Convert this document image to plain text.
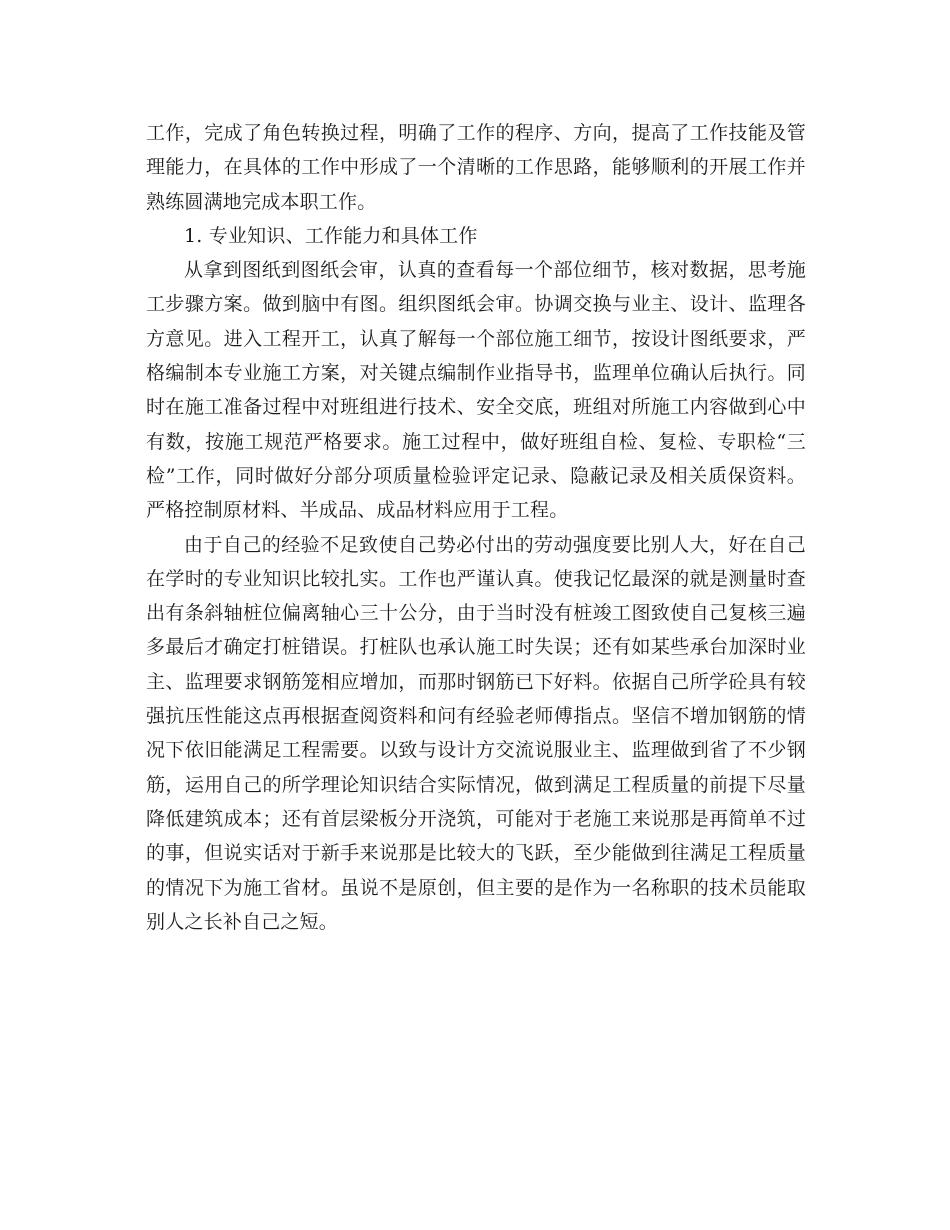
工作，完成了角色转换过程，明确了工作的程序、方向，提高了工作技能及管理能力，在具体的工作中形成了一个清晰的工作思路，能够顺利的开展工作并熟练圆满地完成本职工作。

1. 专业知识、工作能力和具体工作

从拿到图纸到图纸会审，认真的查看每一个部位细节，核对数据，思考施工步骤方案。做到脑中有图。组织图纸会审。协调交换与业主、设计、监理各方意见。进入工程开工，认真了解每一个部位施工细节，按设计图纸要求，严格编制本专业施工方案，对关键点编制作业指导书，监理单位确认后执行。同时在施工准备过程中对班组进行技术、安全交底，班组对所施工内容做到心中有数，按施工规范严格要求。施工过程中，做好班组自检、复检、专职检“三检”工作，同时做好分部分项质量检验评定记录、隐蔽记录及相关质保资料。严格控制原材料、半成品、成品材料应用于工程。

由于自己的经验不足致使自己势必付出的劳动强度要比别人大，好在自己在学时的专业知识比较扎实。工作也严谨认真。使我记忆最深的就是测量时查出有条斜轴桩位偏离轴心三十公分，由于当时没有桩竣工图致使自己复核三遍多最后才确定打桩错误。打桩队也承认施工时失误；还有如某些承台加深时业主、监理要求钢筋笼相应增加，而那时钢筋已下好料。依据自己所学砼具有较强抗压性能这点再根据查阅资料和问有经验老师傅指点。坚信不增加钢筋的情况下依旧能满足工程需要。以致与设计方交流说服业主、监理做到省了不少钢筋，运用自己的所学理论知识结合实际情况，做到满足工程质量的前提下尽量降低建筑成本；还有首层梁板分开浇筑，可能对于老施工来说那是再简单不过的事，但说实话对于新手来说那是比较大的飞跃，至少能做到往满足工程质量的情况下为施工省材。虽说不是原创，但主要的是作为一名称职的技术员能取别人之长补自己之短。
